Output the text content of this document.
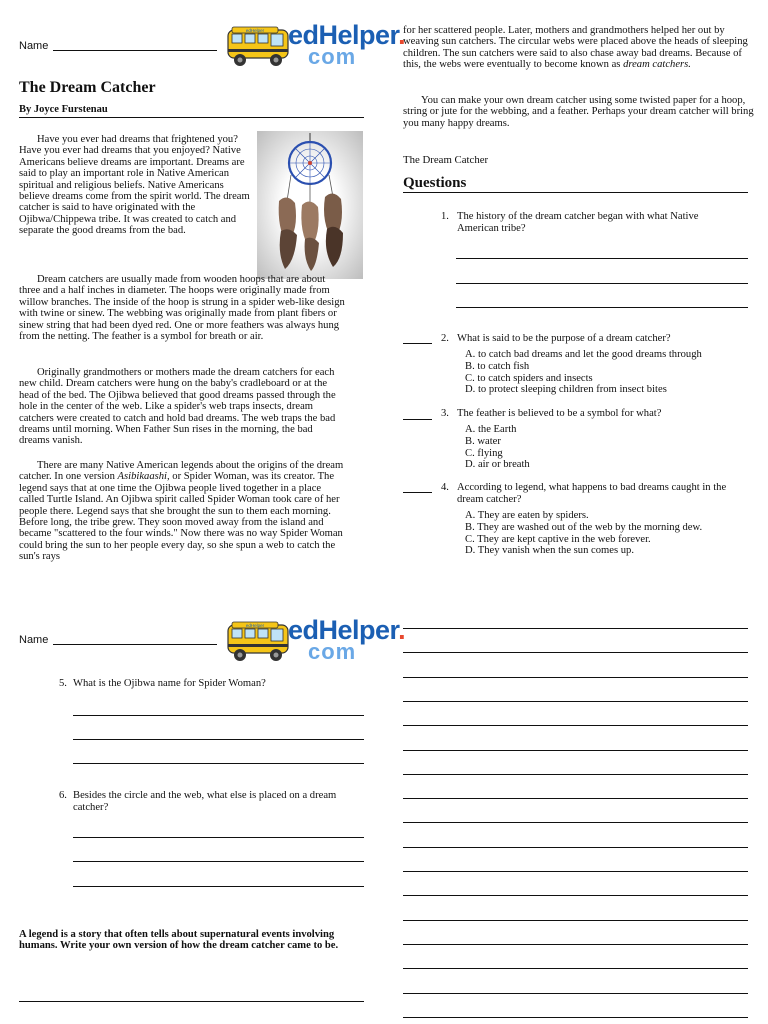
Name
edHelper edHelper.
com
The Dream Catcher
By Joyce Furstenau

Have you ever had dreams that frightened you? Have you ever had dreams that you enjoyed? Native Americans believe dreams are important. Dreams are said to play an important role in Native American spiritual and religious beliefs. Native Americans believe dreams come from the spirit world. The dream catcher is said to have originated with the Ojibwa/Chippewa tribe. It was created to catch and separate the good dreams from the bad.

Dream catchers are usually made from wooden hoops that are about three and a half inches in diameter. The hoops were originally made from willow branches. The inside of the hoop is strung in a spider web-like design with twine or sinew. The webbing was originally made from plant fibers or sinew string that had been dyed red. One or more feathers was always hung from the netting. The feather is a symbol for breath or air.

Originally grandmothers or mothers made the dream catchers for each new child. Dream catchers were hung on the baby's cradleboard or at the head of the bed. The Ojibwa believed that good dreams passed through the hole in the center of the web. Like a spider's web traps insects, dream catchers were created to catch and hold bad dreams. The web traps the bad dreams until morning. When Father Sun rises in the morning, the bad dreams vanish.

There are many Native American legends about the origins of the dream catcher. In one version Asibikaashi, or Spider Woman, was its creator. The legend says that at one time the Ojibwa people lived together in a place called Turtle Island. An Ojibwa spirit called Spider Woman took care of her people there. Legend says that she brought the sun to them each morning. Before long, the tribe grew. They soon moved away from the island and became "scattered to the four winds." Now there was no way Spider Woman could bring the sun to her people every day, so she spun a web to catch the sun's rays

for her scattered people. Later, mothers and grandmothers helped her out by weaving sun catchers. The circular webs were placed above the heads of sleeping children. The sun catchers were said to also chase away bad dreams. Because of this, the webs were eventually to become known as dream catchers.

You can make your own dream catcher using some twisted paper for a hoop, string or jute for the webbing, and a feather. Perhaps your dream catcher will bring you many happy dreams.

The Dream Catcher
Questions
1. The history of the dream catcher began with what Native American tribe?
2. What is said to be the purpose of a dream catcher?
A. to catch bad dreams and let the good dreams through
B. to catch fish
C. to catch spiders and insects
D. to protect sleeping children from insect bites
3. The feather is believed to be a symbol for what?
A. the Earth
B. water
C. flying
D. air or breath
4. According to legend, what happens to bad dreams caught in the dream catcher?
A. They are eaten by spiders.
B. They are washed out of the web by the morning dew.
C. They are kept captive in the web forever.
D. They vanish when the sun comes up.
Name
edHelper edHelper.
com
5. What is the Ojibwa name for Spider Woman?
6. Besides the circle and the web, what else is placed on a dream catcher?
A legend is a story that often tells about supernatural events involving humans. Write your own version of how the dream catcher came to be.
